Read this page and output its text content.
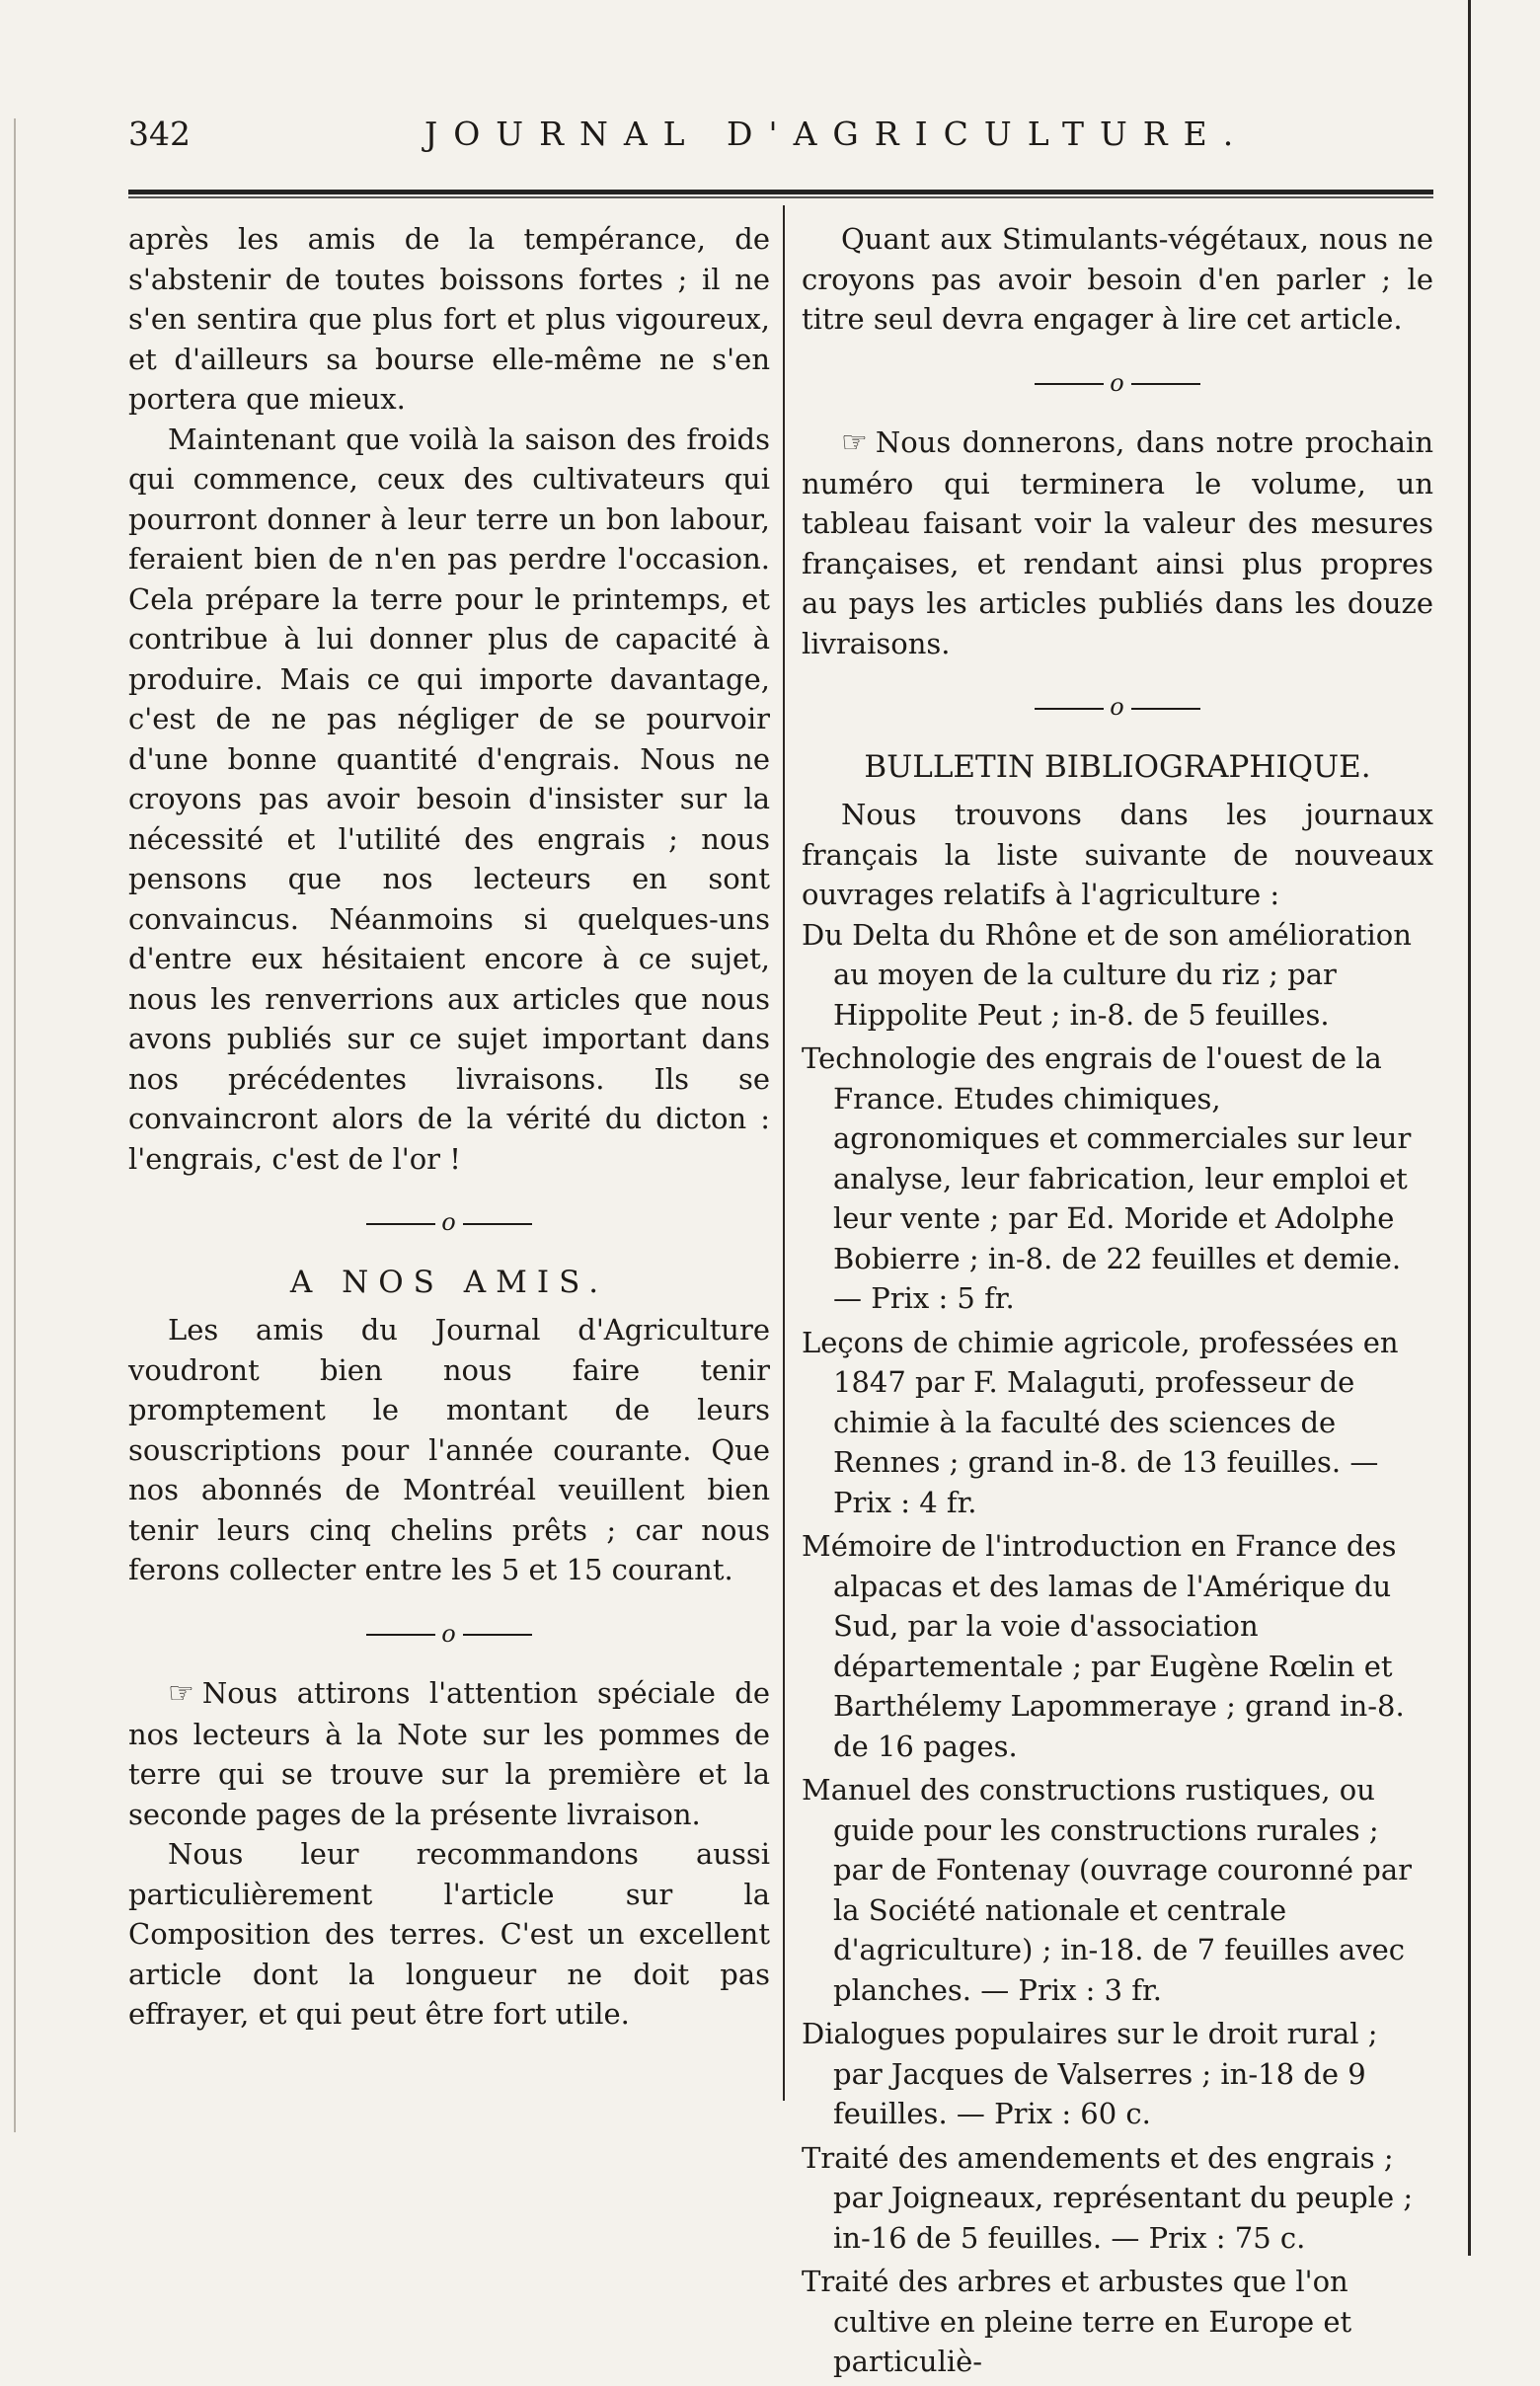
342	JOURNAL D'AGRICULTURE.

après les amis de la tempérance, de s'abstenir de toutes boissons fortes ; il ne s'en sentira que plus fort et plus vigoureux, et d'ailleurs sa bourse elle-même ne s'en portera que mieux.

Maintenant que voilà la saison des froids qui commence, ceux des cultivateurs qui pourront donner à leur terre un bon labour, feraient bien de n'en pas perdre l'occasion. Cela prépare la terre pour le printemps, et contribue à lui donner plus de capacité à produire. Mais ce qui importe davantage, c'est de ne pas négliger de se pourvoir d'une bonne quantité d'engrais. Nous ne croyons pas avoir besoin d'insister sur la nécessité et l'utilité des engrais ; nous pensons que nos lecteurs en sont convaincus. Néanmoins si quelques-uns d'entre eux hésitaient encore à ce sujet, nous les renverrions aux articles que nous avons publiés sur ce sujet important dans nos précédentes livraisons. Ils se convaincront alors de la vérité du dicton : l'engrais, c'est de l'or !

o
A NOS AMIS.

Les amis du Journal d'Agriculture voudront bien nous faire tenir promptement le montant de leurs souscriptions pour l'année courante. Que nos abonnés de Montréal veuillent bien tenir leurs cinq chelins prêts ; car nous ferons collecter entre les 5 et 15 courant.

o

☞ Nous attirons l'attention spéciale de nos lecteurs à la Note sur les pommes de terre qui se trouve sur la première et la seconde pages de la présente livraison.

Nous leur recommandons aussi particulièrement l'article sur la Composition des terres. C'est un excellent article dont la longueur ne doit pas effrayer, et qui peut être fort utile.

Quant aux Stimulants-végétaux, nous ne croyons pas avoir besoin d'en parler ; le titre seul devra engager à lire cet article.

o

☞ Nous donnerons, dans notre prochain numéro qui terminera le volume, un tableau faisant voir la valeur des mesures françaises, et rendant ainsi plus propres au pays les articles publiés dans les douze livraisons.

o
BULLETIN BIBLIOGRAPHIQUE.

Nous trouvons dans les journaux français la liste suivante de nouveaux ouvrages relatifs à l'agriculture :

Du Delta du Rhône et de son amélioration au moyen de la culture du riz ; par Hippolite Peut ; in-8. de 5 feuilles.

Technologie des engrais de l'ouest de la France. Etudes chimiques, agronomiques et commerciales sur leur analyse, leur fabrication, leur emploi et leur vente ; par Ed. Moride et Adolphe Bobierre ; in-8. de 22 feuilles et demie. — Prix : 5 fr.

Leçons de chimie agricole, professées en 1847 par F. Malaguti, professeur de chimie à la faculté des sciences de Rennes ; grand in-8. de 13 feuilles. — Prix : 4 fr.

Mémoire de l'introduction en France des alpacas et des lamas de l'Amérique du Sud, par la voie d'association départementale ; par Eugène Rœlin et Barthélemy Lapommeraye ; grand in-8. de 16 pages.

Manuel des constructions rustiques, ou guide pour les constructions rurales ; par de Fontenay (ouvrage couronné par la Société nationale et centrale d'agriculture) ; in-18. de 7 feuilles avec planches. — Prix : 3 fr.

Dialogues populaires sur le droit rural ; par Jacques de Valserres ; in-18 de 9 feuilles. — Prix : 60 c.

Traité des amendements et des engrais ; par Joigneaux, représentant du peuple ; in-16 de 5 feuilles. — Prix : 75 c.

Traité des arbres et arbustes que l'on cultive en pleine terre en Europe et particuliè-
